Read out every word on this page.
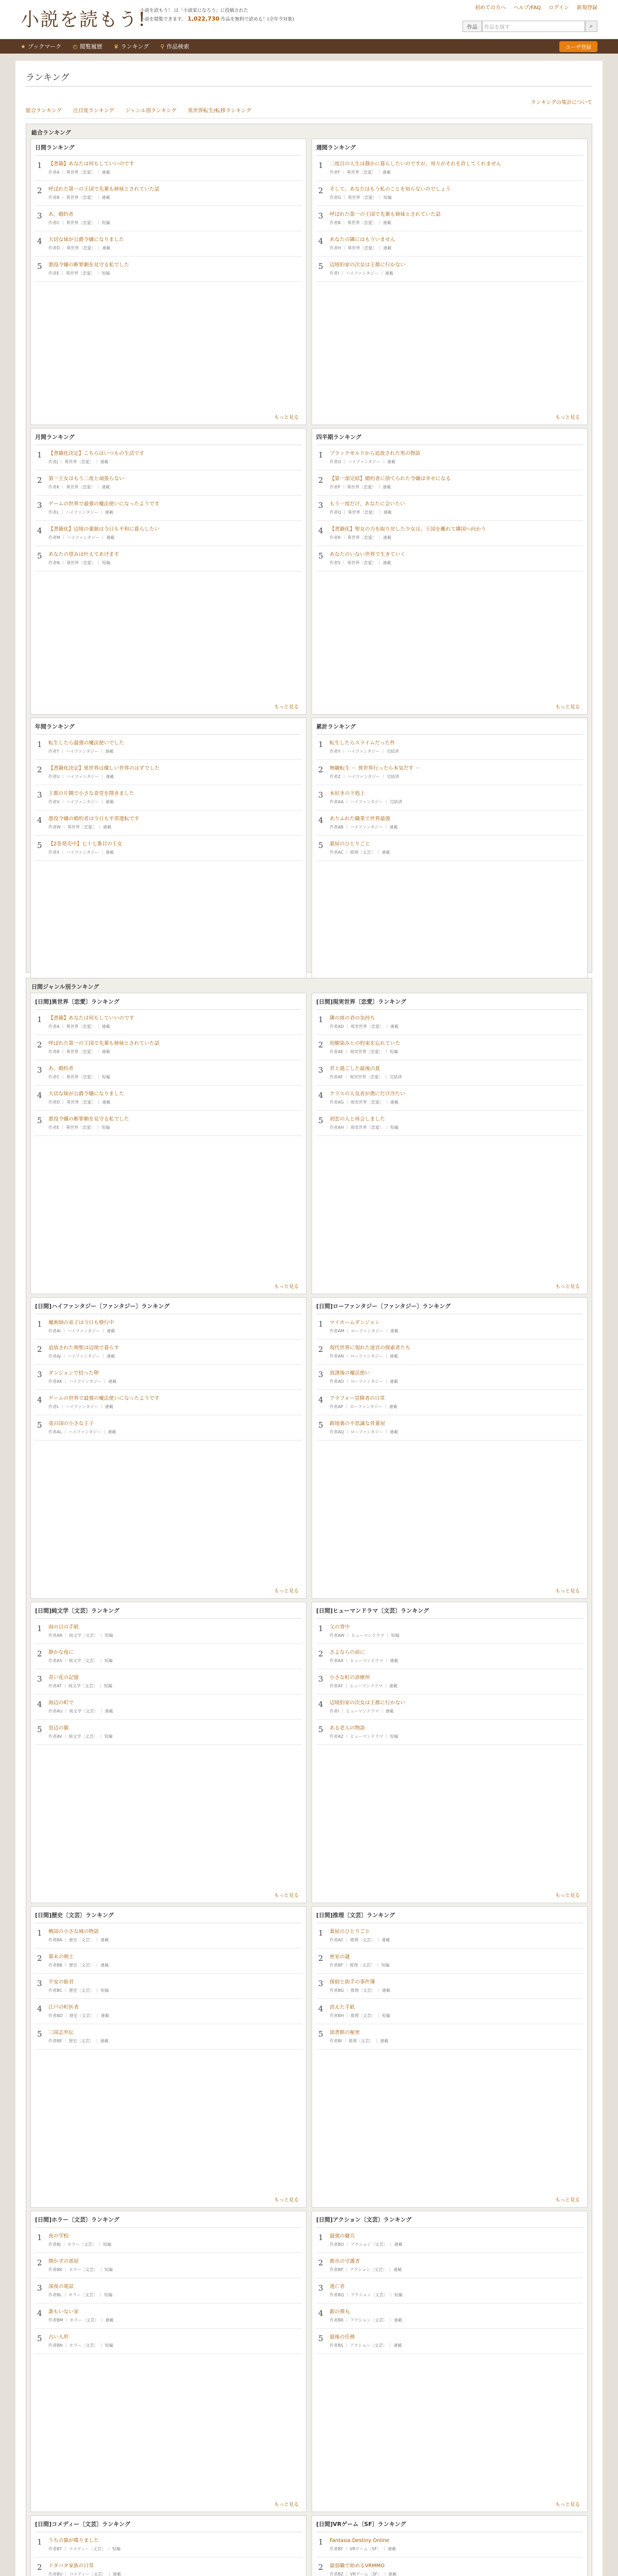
小説を読もう!
小説を読もう！ は「小説家になろう」に投稿された
小説を閲覧できます。 1,022,730 作品を無料で読める！(全年令対象)
初めての方へ ヘルプ/FAQ ログイン 新規登録
作品	作品を探す	⌕
★ ブックマーク ◴ 閲覧履歴 ♛ ランキング ⚲ 作品検索	ユーザ登録
ランキング
ランキングの集計について
総合ランキング 注目度ランキング ジャンル別ランキング 異世界転生/転移ランキング
総合ランキング
日間ランキング
1	【書籍】あなたは何もしていいのです
作者A ｜ 異世界〔恋愛〕 ｜ 連載
2	呼ばれた第一の王国で先輩も姉妹とされていた話
作者B ｜ 異世界〔恋愛〕 ｜ 連載
3	あ、婚約者
作者C ｜ 異世界〔恋愛〕 ｜ 短編
4	大切な妹が公爵令嬢になりました
作者D ｜ 異世界〔恋愛〕 ｜ 連載
5	悪役令嬢の断罪劇を見守る私でした
作者E ｜ 異世界〔恋愛〕 ｜ 短編
もっと見る
週間ランキング
1	二度目の人生は静かに暮らしたいのですが、周りがそれを許してくれません
作者F ｜ 異世界〔恋愛〕 ｜ 連載
2	そして、あなたはもう私のことを知らないのでしょう
作者G ｜ 異世界〔恋愛〕 ｜ 短編
3	呼ばれた第一の王国で先輩も姉妹とされていた話
作者B ｜ 異世界〔恋愛〕 ｜ 連載
4	あなたの隣にはもういません
作者H ｜ 異世界〔恋愛〕 ｜ 連載
5	辺境伯家の次女は王都に行かない
作者I ｜ ハイファンタジー ｜ 連載
もっと見る
月間ランキング
1	【書籍化決定】こちらはいつもの生活です
作者J ｜ 異世界〔恋愛〕 ｜ 連載
2	第一王女はもう二度と頑張らない
作者K ｜ 異世界〔恋愛〕 ｜ 連載
3	ゲームの世界で最強の魔法使いになったようです
作者L ｜ ハイファンタジー ｜ 連載
4	【書籍化】辺境の薬師は今日も平和に暮らしたい
作者M ｜ ハイファンタジー ｜ 連載
5	あなたの望みは叶えてあげます
作者N ｜ 異世界〔恋愛〕 ｜ 短編
もっと見る
四半期ランキング
1	ブラックギルドから追放された男の物語
作者O ｜ ハイファンタジー ｜ 連載
2	【第一部完結】婚約者に捨てられた令嬢は幸せになる
作者P ｜ 異世界〔恋愛〕 ｜ 連載
3	もう一度だけ、あなたに会いたい
作者Q ｜ 異世界〔恋愛〕 ｜ 連載
4	【書籍化】聖女の力を取り戻した少女は、王国を離れて隣国へ向かう
作者R ｜ 異世界〔恋愛〕 ｜ 連載
5	あなたのいない世界で生きていく
作者S ｜ 異世界〔恋愛〕 ｜ 連載
もっと見る
年間ランキング
1	転生したら最強の魔法使いでした
作者T ｜ ハイファンタジー ｜ 連載
2	【書籍化決定】異世界は優しい世界のはずでした
作者U ｜ ハイファンタジー ｜ 連載
3	王都の片隅で小さな食堂を開きました
作者V ｜ ハイファンタジー ｜ 連載
4	悪役令嬢の婚約者は今日も平常運転です
作者W ｜ 異世界〔恋愛〕 ｜ 連載
5	【2巻発売中】七十七番目の王女
作者X ｜ ハイファンタジー ｜ 連載
累計ランキング
1	転生したらスライムだった件
作者Y ｜ ハイファンタジー ｜ 完結済
2	無職転生 － 異世界行ったら本気だす －
作者Z ｜ ハイファンタジー ｜ 完結済
3	本好きの下剋上
作者AA ｜ ハイファンタジー ｜ 完結済
4	ありふれた職業で世界最強
作者AB ｜ ハイファンタジー ｜ 連載
5	薬屋のひとりごと
作者AC ｜ 推理〔文芸〕 ｜ 連載
日間ジャンル別ランキング
[日間]異世界〔恋愛〕ランキング
1	【書籍】あなたは何もしていいのです
作者A ｜ 異世界〔恋愛〕 ｜ 連載
2	呼ばれた第一の王国で先輩も姉妹とされていた話
作者B ｜ 異世界〔恋愛〕 ｜ 連載
3	あ、婚約者
作者C ｜ 異世界〔恋愛〕 ｜ 短編
4	大切な妹が公爵令嬢になりました
作者D ｜ 異世界〔恋愛〕 ｜ 連載
5	悪役令嬢の断罪劇を見守る私でした
作者E ｜ 異世界〔恋愛〕 ｜ 短編
もっと見る
[日間]現実世界〔恋愛〕ランキング
1	隣の席の君の気持ち
作者AD ｜ 現実世界〔恋愛〕 ｜ 連載
2	幼馴染みとの約束を忘れていた
作者AE ｜ 現実世界〔恋愛〕 ｜ 短編
3	君と過ごした最後の夏
作者AF ｜ 現実世界〔恋愛〕 ｜ 完結済
4	クラスの人気者が僕にだけ冷たい
作者AG ｜ 現実世界〔恋愛〕 ｜ 連載
5	初恋の人と再会しました
作者AH ｜ 現実世界〔恋愛〕 ｜ 短編
もっと見る
[日間]ハイファンタジー〔ファンタジー〕ランキング
1	魔術師の弟子は今日も修行中
作者AI ｜ ハイファンタジー ｜ 連載
2	追放された剣聖は辺境で暮らす
作者AJ ｜ ハイファンタジー ｜ 連載
3	ダンジョンで拾った卵
作者AK ｜ ハイファンタジー ｜ 連載
4	ゲームの世界で最強の魔法使いになったようです
作者L ｜ ハイファンタジー ｜ 連載
5	竜の国の小さな王子
作者AL ｜ ハイファンタジー ｜ 連載
もっと見る
[日間]ローファンタジー〔ファンタジー〕ランキング
1	マイホームダンジョン
作者AM ｜ ローファンタジー ｜ 連載
2	現代世界に現れた迷宮の探索者たち
作者AN ｜ ローファンタジー ｜ 連載
3	放課後の魔法使い
作者AO ｜ ローファンタジー ｜ 連載
4	アラフォー冒険者の日常
作者AP ｜ ローファンタジー ｜ 連載
5	路地裏の不思議な骨董屋
作者AQ ｜ ローファンタジー ｜ 連載
もっと見る
[日間]純文学〔文芸〕ランキング
1	雨の日の手紙
作者AR ｜ 純文学〔文芸〕 ｜ 短編
2	静かな夜に
作者AS ｜ 純文学〔文芸〕 ｜ 短編
3	青い花の記憶
作者AT ｜ 純文学〔文芸〕 ｜ 短編
4	海辺の町で
作者AU ｜ 純文学〔文芸〕 ｜ 連載
5	窓辺の猫
作者AV ｜ 純文学〔文芸〕 ｜ 短編
もっと見る
[日間]ヒューマンドラマ〔文芸〕ランキング
1	父の背中
作者AW ｜ ヒューマンドラマ ｜ 短編
2	さよならの前に
作者AX ｜ ヒューマンドラマ ｜ 連載
3	小さな町の診療所
作者AY ｜ ヒューマンドラマ ｜ 連載
4	辺境伯家の次女は王都に行かない
作者I ｜ ヒューマンドラマ ｜ 連載
5	ある老人の物語
作者AZ ｜ ヒューマンドラマ ｜ 短編
もっと見る
[日間]歴史〔文芸〕ランキング
1	戦国の小さな城の物語
作者BA ｜ 歴史〔文芸〕 ｜ 連載
2	幕末の剣士
作者BB ｜ 歴史〔文芸〕 ｜ 連載
3	平安の姫君
作者BC ｜ 歴史〔文芸〕 ｜ 短編
4	江戸の町医者
作者BD ｜ 歴史〔文芸〕 ｜ 連載
5	三国志外伝
作者BE ｜ 歴史〔文芸〕 ｜ 連載
もっと見る
[日間]推理〔文芸〕ランキング
1	薬屋のひとりごと
作者AC ｜ 推理〔文芸〕 ｜ 連載
2	密室の謎
作者BF ｜ 推理〔文芸〕 ｜ 短編
3	探偵と助手の事件簿
作者BG ｜ 推理〔文芸〕 ｜ 連載
4	消えた手紙
作者BH ｜ 推理〔文芸〕 ｜ 短編
5	図書館の秘密
作者BI ｜ 推理〔文芸〕 ｜ 連載
もっと見る
[日間]ホラー〔文芸〕ランキング
1	夜の学校
作者BJ ｜ ホラー〔文芸〕 ｜ 短編
2	開かずの部屋
作者BK ｜ ホラー〔文芸〕 ｜ 短編
3	深夜の電話
作者BL ｜ ホラー〔文芸〕 ｜ 短編
4	誰もいない家
作者BM ｜ ホラー〔文芸〕 ｜ 連載
5	古い人形
作者BN ｜ ホラー〔文芸〕 ｜ 短編
もっと見る
[日間]アクション〔文芸〕ランキング
1	最強の傭兵
作者BO ｜ アクション〔文芸〕 ｜ 連載
2	都市の守護者
作者BP ｜ アクション〔文芸〕 ｜ 連載
3	逃亡者
作者BQ ｜ アクション〔文芸〕 ｜ 短編
4	銀の弾丸
作者BR ｜ アクション〔文芸〕 ｜ 連載
5	最後の任務
作者BS ｜ アクション〔文芸〕 ｜ 連載
もっと見る
[日間]コメディー〔文芸〕ランキング
1	うちの猫が喋りました
作者BT ｜ コメディー〔文芸〕 ｜ 短編
2	ドタバタ家族の日常
作者BU ｜ コメディー〔文芸〕 ｜ 連載
[日間]VRゲーム〔SF〕ランキング
1	Fantasia Destiny Online
作者BY ｜ VRゲーム〔SF〕 ｜ 連載
2	最弱職で始めるVRMMO
作者BZ ｜ VRゲーム〔SF〕 ｜ 連載
